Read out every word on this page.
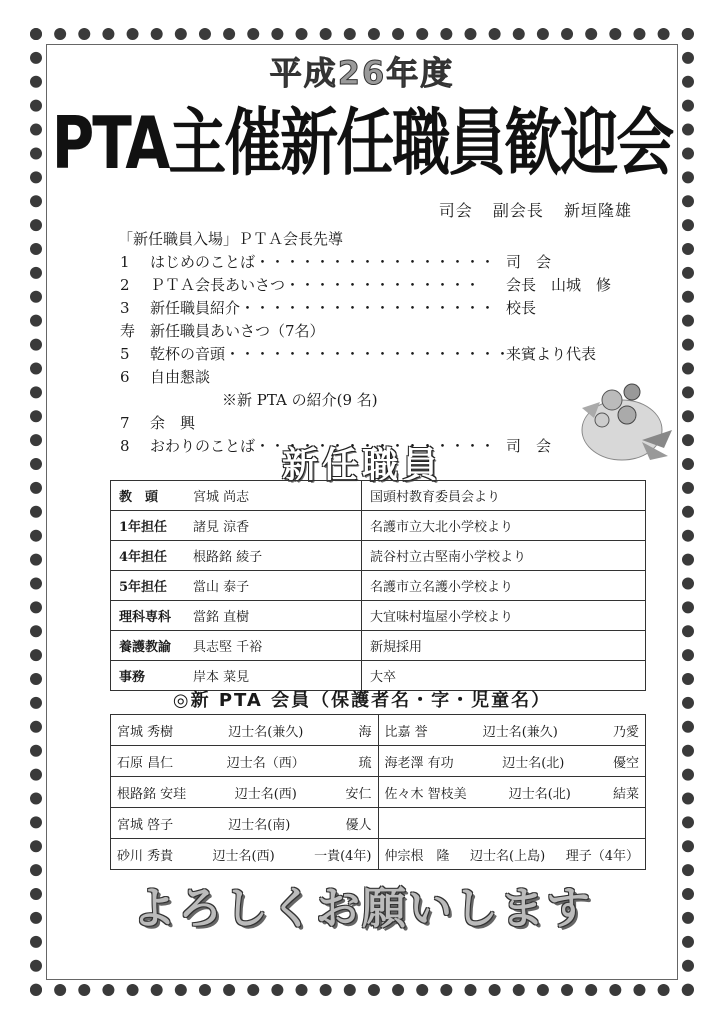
平成26年度
PTA主催新任職員歓迎会
司会 副会長 新垣隆雄
「新任職員入場」ＰＴＡ会長先導
1 はじめのことば・・・・・・・・・・・・・・・・ 司　会
2 ＰＴＡ会長あいさつ・・・・・・・・・・・・・ 会長　山城　修
3 新任職員紹介・・・・・・・・・・・・・・・・・ 校長
寿 新任職員あいさつ（7名）
5 乾杯の音頭・・・・・・・・・・・・・・・・・・・
来賓より代表
6 自由懇談
※新 PTA の紹介(9 名)
7 余　興
8 おわりのことば・・・・・・・・・・・・・・・・ 司　会
新任職員
教　頭 宮城 尚志	国頭村教育委員会より
1年担任 諸見 涼香	名護市立大北小学校より
4年担任 根路銘 綾子	読谷村立古堅南小学校より
5年担任 當山 泰子	名護市立名護小学校より
理科専科 當銘 直樹	大宜味村塩屋小学校より
養護教諭 具志堅 千裕	新規採用
事務 岸本 菜見	大卒
◎新 PTA 会員（保護者名・字・児童名）
宮城 秀樹 辺士名(兼久) 海	比嘉 誉 辺士名(兼久) 乃愛

石原 昌仁 辺士名（西） 琉	海老澤 有功 辺士名(北) 優空

根路銘 安珪 辺士名(西) 安仁	佐々木 智枝美 辺士名(北) 結菜

宮城 啓子 辺士名(南) 優人	

砂川 秀貴 辺士名(西) 一貴(4年)	仲宗根　隆 辺士名(上島) 理子（4年）
よろしくお願いします
